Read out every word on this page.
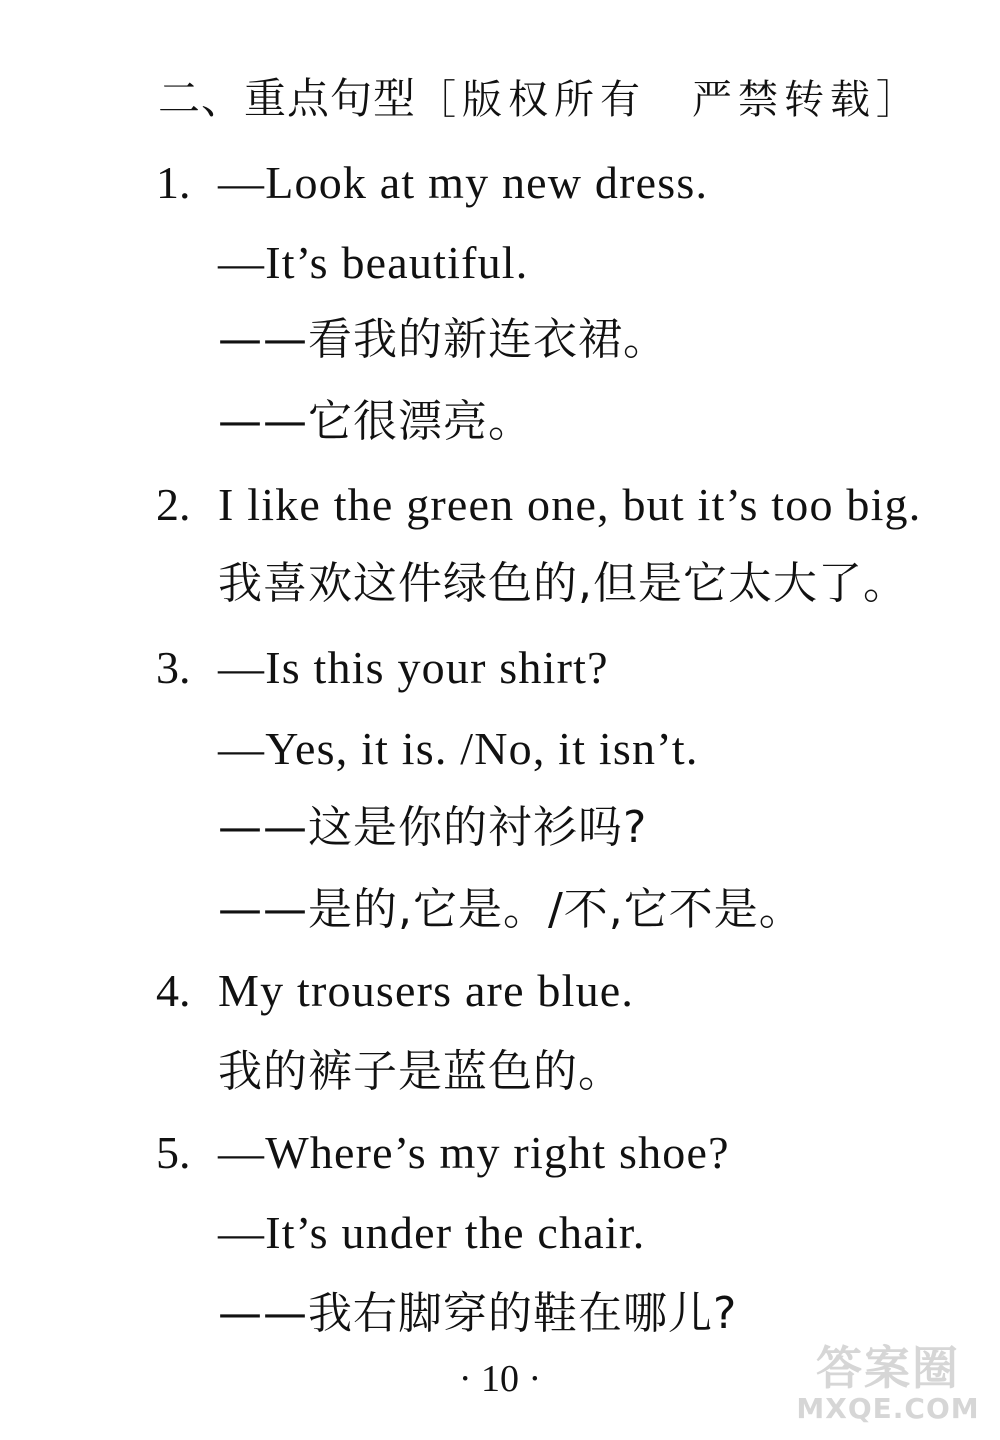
二、重点句型［版权所有　严禁转载］
1. —Look at my new dress.
—It’s beautiful.
——看我的新连衣裙。
——它很漂亮。
2. I like the green one, but it’s too big.
我喜欢这件绿色的,但是它太大了。
3. —Is this your shirt?
—Yes, it is. /No, it isn’t.
——这是你的衬衫吗?
——是的,它是。/不,它不是。
4. My trousers are blue.
我的裤子是蓝色的。
5. —Where’s my right shoe?
—It’s under the chair.
——我右脚穿的鞋在哪儿?
· 10 ·	答案圈
MXQE.COM
